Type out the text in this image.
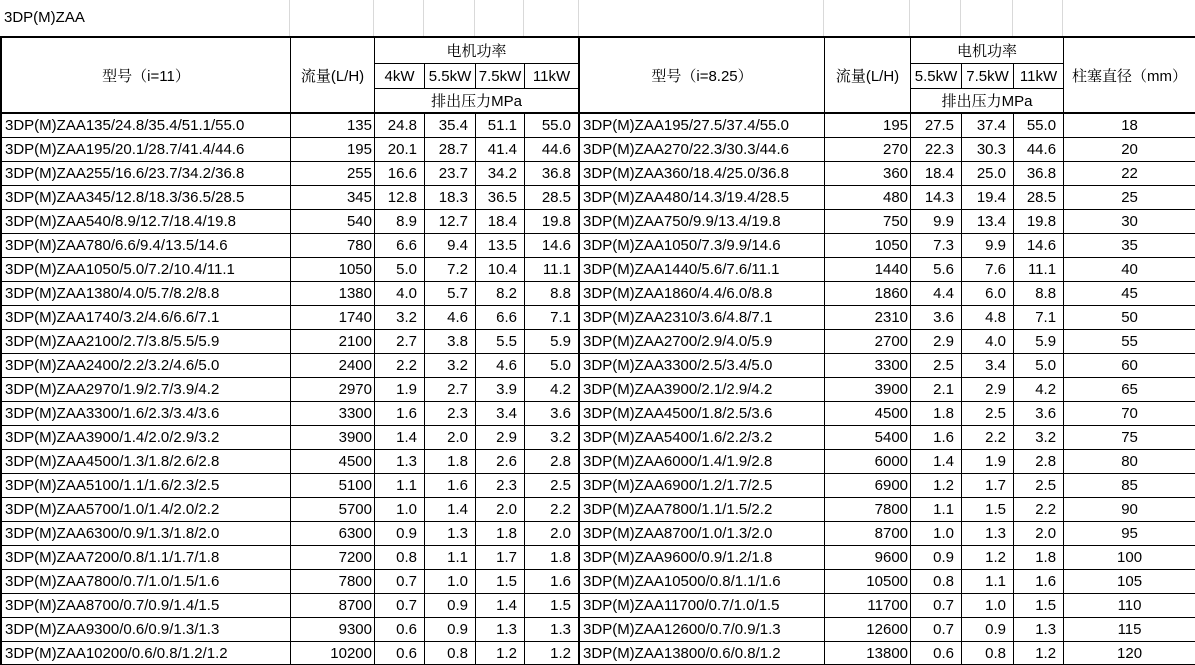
3DP(M)ZAA
型号（i=11）	流量(L/H)	电机功率				型号（i=8.25）	流量(L/H)	电机功率			柱塞直径（mm）
		4kW	5.5kW	7.5kW	11kW			5.5kW	7.5kW	11kW	
		排出压力MPa						排出压力MPa			
3DP(M)ZAA135/24.8/35.4/51.1/55.0	135	24.8	35.4	51.1	55.0	3DP(M)ZAA195/27.5/37.4/55.0	195	27.5	37.4	55.0	18
3DP(M)ZAA195/20.1/28.7/41.4/44.6	195	20.1	28.7	41.4	44.6	3DP(M)ZAA270/22.3/30.3/44.6	270	22.3	30.3	44.6	20
3DP(M)ZAA255/16.6/23.7/34.2/36.8	255	16.6	23.7	34.2	36.8	3DP(M)ZAA360/18.4/25.0/36.8	360	18.4	25.0	36.8	22
3DP(M)ZAA345/12.8/18.3/36.5/28.5	345	12.8	18.3	36.5	28.5	3DP(M)ZAA480/14.3/19.4/28.5	480	14.3	19.4	28.5	25
3DP(M)ZAA540/8.9/12.7/18.4/19.8	540	8.9	12.7	18.4	19.8	3DP(M)ZAA750/9.9/13.4/19.8	750	9.9	13.4	19.8	30
3DP(M)ZAA780/6.6/9.4/13.5/14.6	780	6.6	9.4	13.5	14.6	3DP(M)ZAA1050/7.3/9.9/14.6	1050	7.3	9.9	14.6	35
3DP(M)ZAA1050/5.0/7.2/10.4/11.1	1050	5.0	7.2	10.4	11.1	3DP(M)ZAA1440/5.6/7.6/11.1	1440	5.6	7.6	11.1	40
3DP(M)ZAA1380/4.0/5.7/8.2/8.8	1380	4.0	5.7	8.2	8.8	3DP(M)ZAA1860/4.4/6.0/8.8	1860	4.4	6.0	8.8	45
3DP(M)ZAA1740/3.2/4.6/6.6/7.1	1740	3.2	4.6	6.6	7.1	3DP(M)ZAA2310/3.6/4.8/7.1	2310	3.6	4.8	7.1	50
3DP(M)ZAA2100/2.7/3.8/5.5/5.9	2100	2.7	3.8	5.5	5.9	3DP(M)ZAA2700/2.9/4.0/5.9	2700	2.9	4.0	5.9	55
3DP(M)ZAA2400/2.2/3.2/4.6/5.0	2400	2.2	3.2	4.6	5.0	3DP(M)ZAA3300/2.5/3.4/5.0	3300	2.5	3.4	5.0	60
3DP(M)ZAA2970/1.9/2.7/3.9/4.2	2970	1.9	2.7	3.9	4.2	3DP(M)ZAA3900/2.1/2.9/4.2	3900	2.1	2.9	4.2	65
3DP(M)ZAA3300/1.6/2.3/3.4/3.6	3300	1.6	2.3	3.4	3.6	3DP(M)ZAA4500/1.8/2.5/3.6	4500	1.8	2.5	3.6	70
3DP(M)ZAA3900/1.4/2.0/2.9/3.2	3900	1.4	2.0	2.9	3.2	3DP(M)ZAA5400/1.6/2.2/3.2	5400	1.6	2.2	3.2	75
3DP(M)ZAA4500/1.3/1.8/2.6/2.8	4500	1.3	1.8	2.6	2.8	3DP(M)ZAA6000/1.4/1.9/2.8	6000	1.4	1.9	2.8	80
3DP(M)ZAA5100/1.1/1.6/2.3/2.5	5100	1.1	1.6	2.3	2.5	3DP(M)ZAA6900/1.2/1.7/2.5	6900	1.2	1.7	2.5	85
3DP(M)ZAA5700/1.0/1.4/2.0/2.2	5700	1.0	1.4	2.0	2.2	3DP(M)ZAA7800/1.1/1.5/2.2	7800	1.1	1.5	2.2	90
3DP(M)ZAA6300/0.9/1.3/1.8/2.0	6300	0.9	1.3	1.8	2.0	3DP(M)ZAA8700/1.0/1.3/2.0	8700	1.0	1.3	2.0	95
3DP(M)ZAA7200/0.8/1.1/1.7/1.8	7200	0.8	1.1	1.7	1.8	3DP(M)ZAA9600/0.9/1.2/1.8	9600	0.9	1.2	1.8	100
3DP(M)ZAA7800/0.7/1.0/1.5/1.6	7800	0.7	1.0	1.5	1.6	3DP(M)ZAA10500/0.8/1.1/1.6	10500	0.8	1.1	1.6	105
3DP(M)ZAA8700/0.7/0.9/1.4/1.5	8700	0.7	0.9	1.4	1.5	3DP(M)ZAA11700/0.7/1.0/1.5	11700	0.7	1.0	1.5	110
3DP(M)ZAA9300/0.6/0.9/1.3/1.3	9300	0.6	0.9	1.3	1.3	3DP(M)ZAA12600/0.7/0.9/1.3	12600	0.7	0.9	1.3	115
3DP(M)ZAA10200/0.6/0.8/1.2/1.2	10200	0.6	0.8	1.2	1.2	3DP(M)ZAA13800/0.6/0.8/1.2	13800	0.6	0.8	1.2	120
